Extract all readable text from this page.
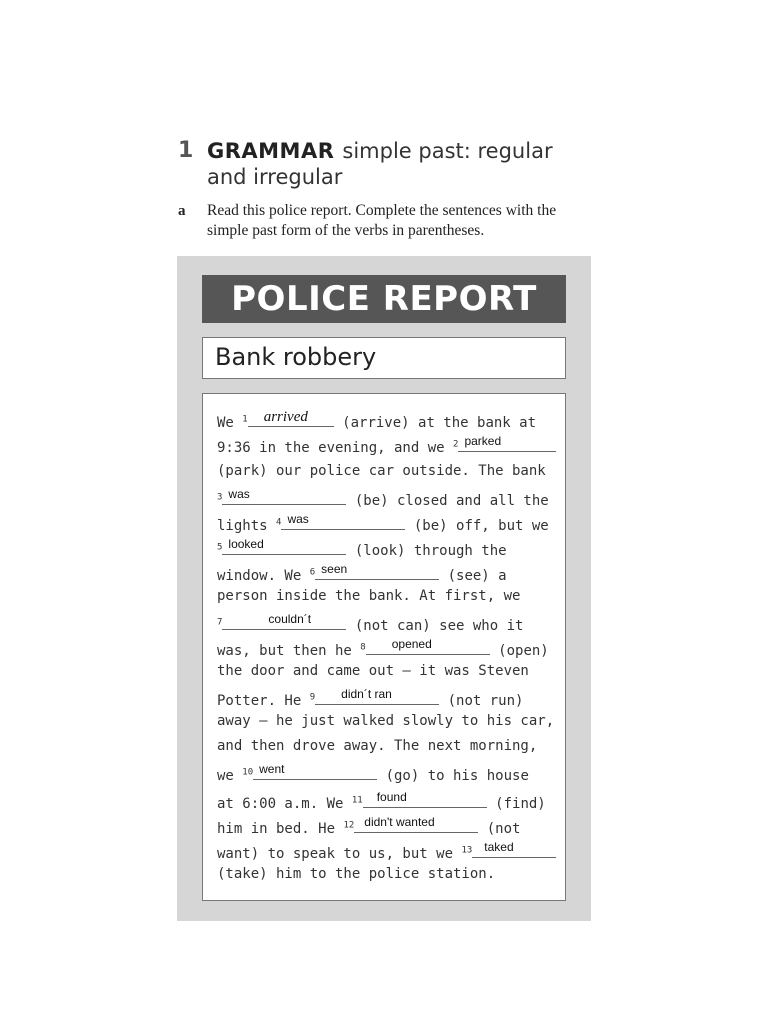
1 GRAMMAR simple past: regular and irregular
a Read this police report. Complete the sentences with the simple past form of the verbs in parentheses.
POLICE REPORT
Bank robbery
We $^1$ arrived (arrive) at the bank at
9:36 in the evening, and we $^2$ parked
(park) our police car outside. The bank
$^3$ was	(be) closed and all the
lights $^4$ was	(be) off, but we
$^5$ looked	(look) through the
window. We $^6$ seen	(see) a
person inside the bank. At first, we
$^7$	couldn´t	(not can) see who it
was, but then he $^8$ opened	(open)
the door and came out – it was Steven
Potter. He $^9$ didn´t ran	(not run)
away – he just walked slowly to his car,
and then drove away. The next morning,
we $^{10}$ went	(go) to his house
at 6:00 a.m. We $^{11}$ found	(find)
him in bed. He $^{12}$ didn't wanted	(not
want) to speak to us, but we $^{13}$ taked
(take) him to the police station.
